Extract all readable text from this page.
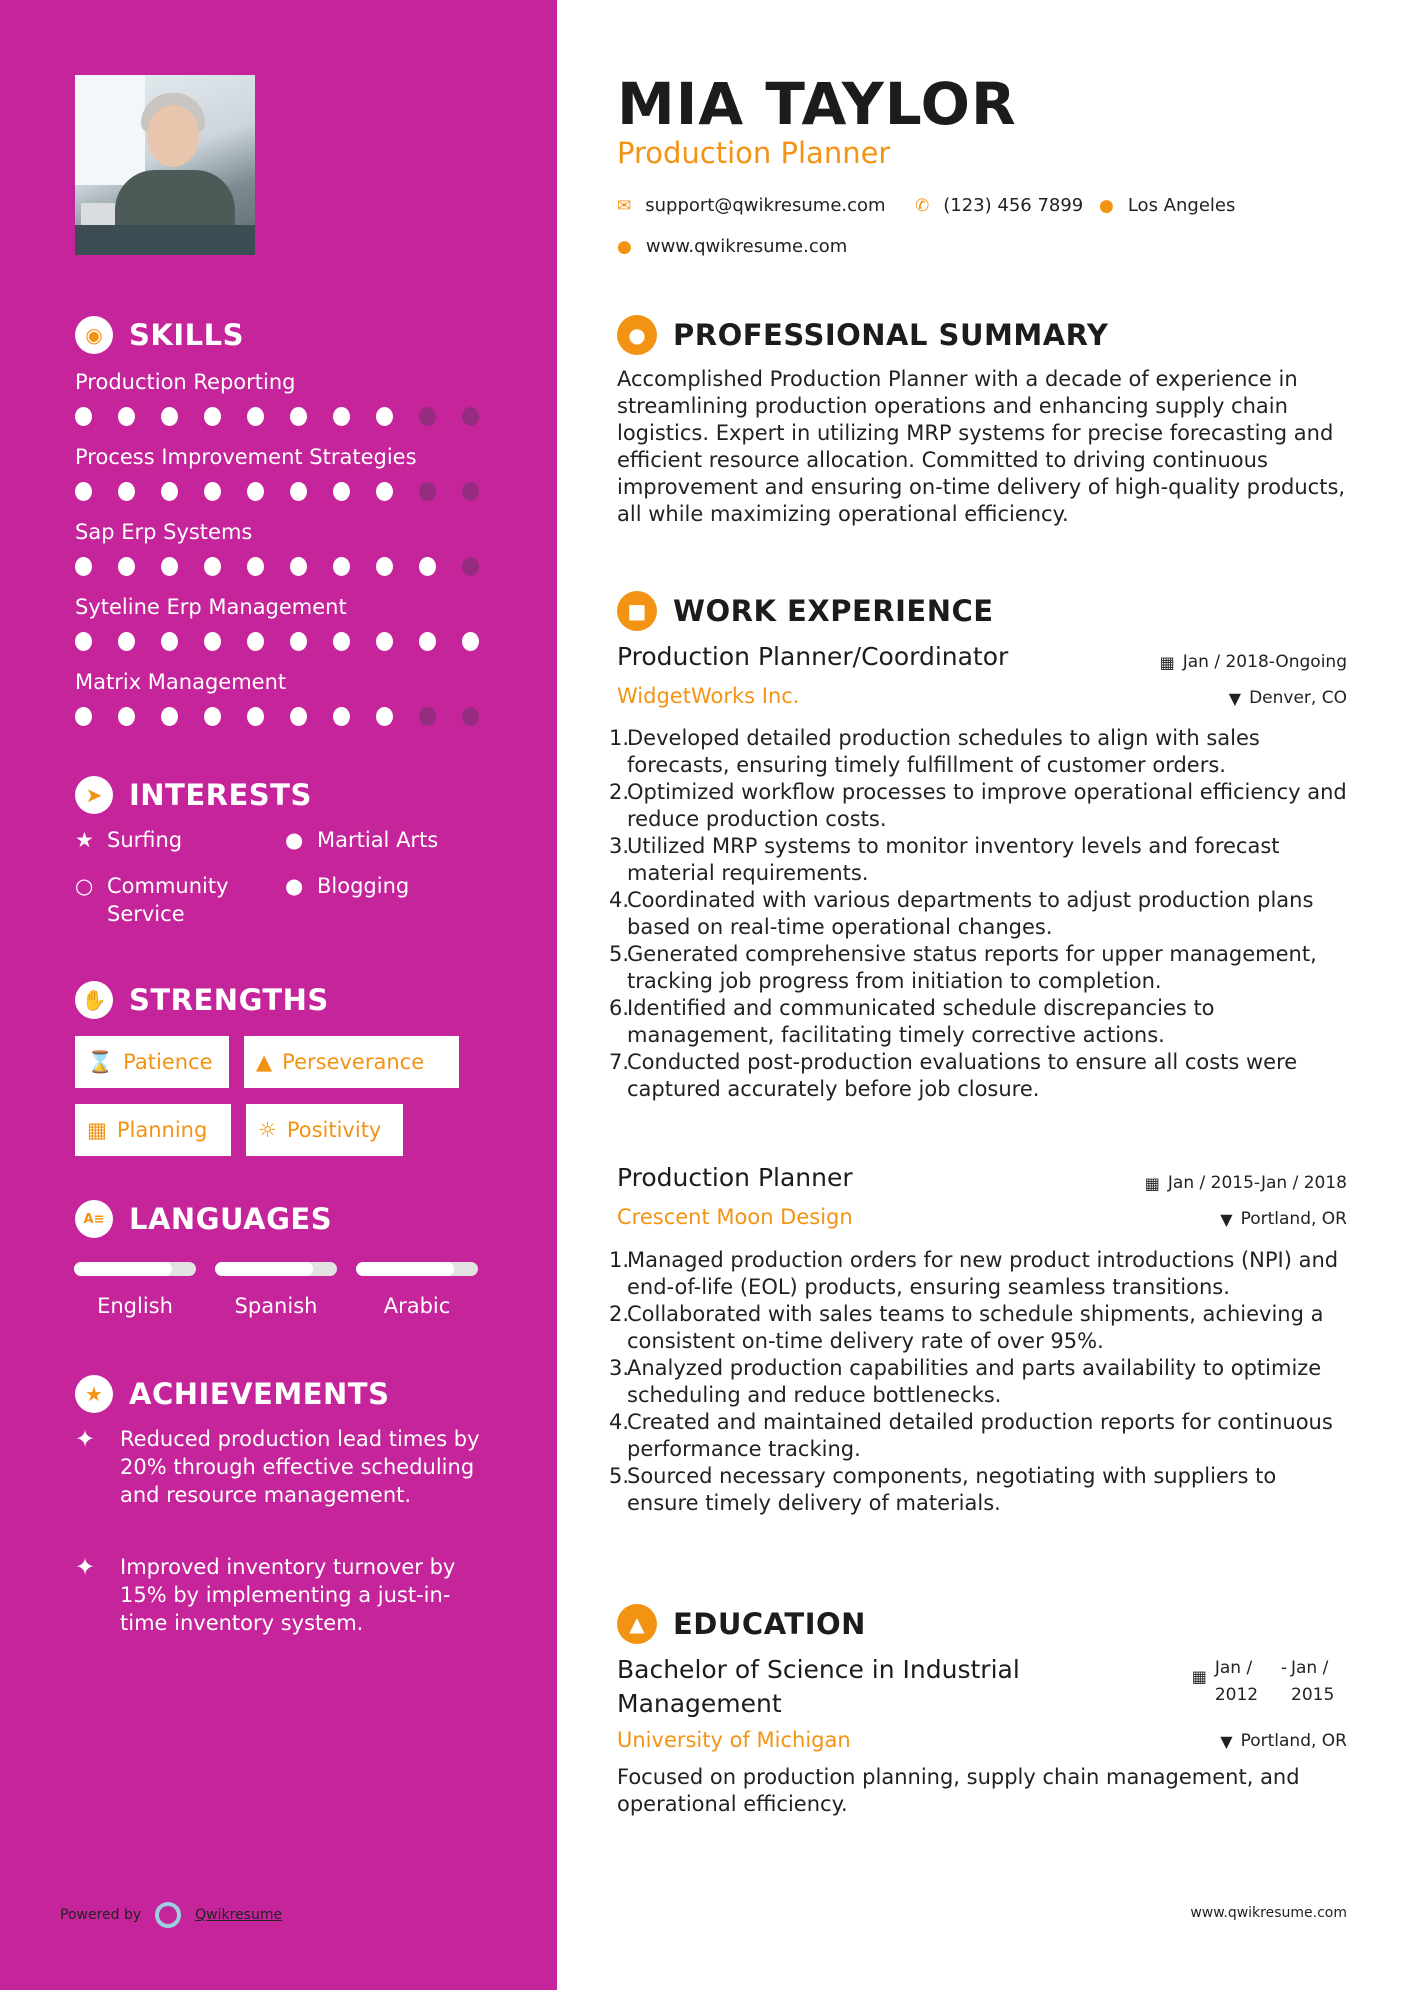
◉ SKILLS
Production Reporting
Process Improvement Strategies
Sap Erp Systems
Syteline Erp Management
Matrix Management
➤ INTERESTS
★ Surfing	● Martial Arts
○ Community Service
● Blogging
✋ STRENGTHS
⌛ Patience ▲ Perseverance
▦ Planning ☼ Positivity
A≡ LANGUAGES
English	Spanish	Arabic
★ ACHIEVEMENTS
✦	Reduced production lead times by 20% through effective scheduling and resource management.
✦	Improved inventory turnover by 15% by implementing a just-in-time inventory system.
Powered by	Qwikresume
MIA TAYLOR
Production Planner
✉ support@qwikresume.com ✆ (123) 456 7899 ● Los Angeles
● www.qwikresume.com
● PROFESSIONAL SUMMARY
Accomplished Production Planner with a decade of experience in streamlining production operations and enhancing supply chain logistics. Expert in utilizing MRP systems for precise forecasting and efficient resource allocation. Committed to driving continuous improvement and ensuring on-time delivery of high-quality products, all while maximizing operational efficiency.
■ WORK EXPERIENCE
Production Planner/Coordinator	▦ Jan / 2018-Ongoing
WidgetWorks Inc.	▼ Denver, CO
1.
Developed detailed production schedules to align with sales forecasts, ensuring timely fulfillment of customer orders.
2.
Optimized workflow processes to improve operational efficiency and reduce production costs.
3.
Utilized MRP systems to monitor inventory levels and forecast material requirements.
4.
Coordinated with various departments to adjust production plans based on real-time operational changes.
5.
Generated comprehensive status reports for upper management, tracking job progress from initiation to completion.
6.
Identified and communicated schedule discrepancies to management, facilitating timely corrective actions.
7.
Conducted post-production evaluations to ensure all costs were captured accurately before job closure.
Production Planner	▦ Jan / 2015-Jan / 2018
Crescent Moon Design	▼ Portland, OR
1.
Managed production orders for new product introductions (NPI) and end-of-life (EOL) products, ensuring seamless transitions.
2.
Collaborated with sales teams to schedule shipments, achieving a consistent on-time delivery rate of over 95%.
3.
Analyzed production capabilities and parts availability to optimize scheduling and reduce bottlenecks.
4.
Created and maintained detailed production reports for continuous performance tracking.
5.
Sourced necessary components, negotiating with suppliers to ensure timely delivery of materials.
▲ EDUCATION
Bachelor of Science in Industrial Management
▦ Jan / 2012
- Jan / 2015
University of Michigan	▼ Portland, OR
Focused on production planning, supply chain management, and operational efficiency.
www.qwikresume.com
